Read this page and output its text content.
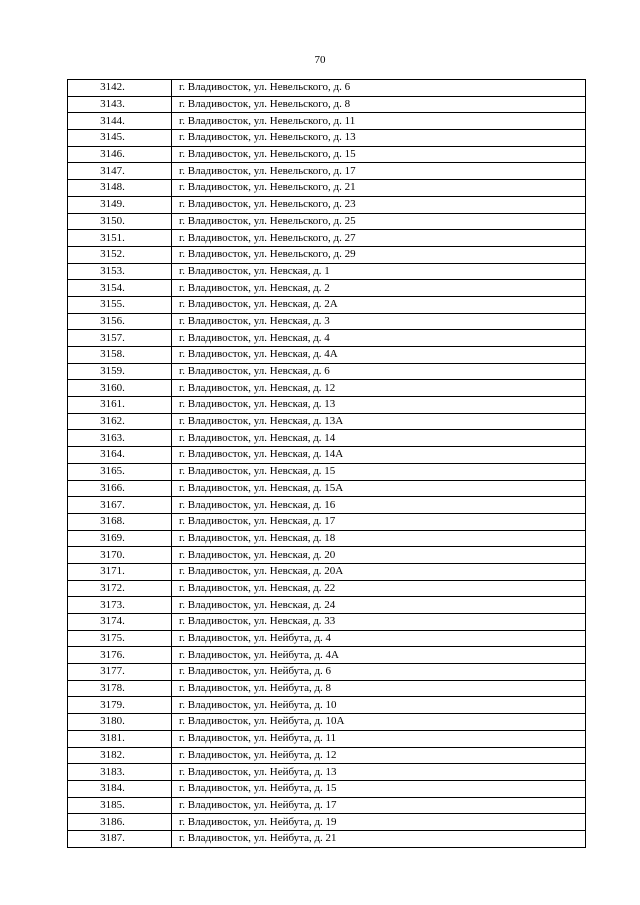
70
3142.	г. Владивосток, ул. Невельского, д. 6
3143.	г. Владивосток, ул. Невельского, д. 8
3144.	г. Владивосток, ул. Невельского, д. 11
3145.	г. Владивосток, ул. Невельского, д. 13
3146.	г. Владивосток, ул. Невельского, д. 15
3147.	г. Владивосток, ул. Невельского, д. 17
3148.	г. Владивосток, ул. Невельского, д. 21
3149.	г. Владивосток, ул. Невельского, д. 23
3150.	г. Владивосток, ул. Невельского, д. 25
3151.	г. Владивосток, ул. Невельского, д. 27
3152.	г. Владивосток, ул. Невельского, д. 29
3153.	г. Владивосток, ул. Невская, д. 1
3154.	г. Владивосток, ул. Невская, д. 2
3155.	г. Владивосток, ул. Невская, д. 2А
3156.	г. Владивосток, ул. Невская, д. 3
3157.	г. Владивосток, ул. Невская, д. 4
3158.	г. Владивосток, ул. Невская, д. 4А
3159.	г. Владивосток, ул. Невская, д. 6
3160.	г. Владивосток, ул. Невская, д. 12
3161.	г. Владивосток, ул. Невская, д. 13
3162.	г. Владивосток, ул. Невская, д. 13А
3163.	г. Владивосток, ул. Невская, д. 14
3164.	г. Владивосток, ул. Невская, д. 14А
3165.	г. Владивосток, ул. Невская, д. 15
3166.	г. Владивосток, ул. Невская, д. 15А
3167.	г. Владивосток, ул. Невская, д. 16
3168.	г. Владивосток, ул. Невская, д. 17
3169.	г. Владивосток, ул. Невская, д. 18
3170.	г. Владивосток, ул. Невская, д. 20
3171.	г. Владивосток, ул. Невская, д. 20А
3172.	г. Владивосток, ул. Невская, д. 22
3173.	г. Владивосток, ул. Невская, д. 24
3174.	г. Владивосток, ул. Невская, д. 33
3175.	г. Владивосток, ул. Нейбута, д. 4
3176.	г. Владивосток, ул. Нейбута, д. 4А
3177.	г. Владивосток, ул. Нейбута, д. 6
3178.	г. Владивосток, ул. Нейбута, д. 8
3179.	г. Владивосток, ул. Нейбута, д. 10
3180.	г. Владивосток, ул. Нейбута, д. 10А
3181.	г. Владивосток, ул. Нейбута, д. 11
3182.	г. Владивосток, ул. Нейбута, д. 12
3183.	г. Владивосток, ул. Нейбута, д. 13
3184.	г. Владивосток, ул. Нейбута, д. 15
3185.	г. Владивосток, ул. Нейбута, д. 17
3186.	г. Владивосток, ул. Нейбута, д. 19
3187.	г. Владивосток, ул. Нейбута, д. 21
